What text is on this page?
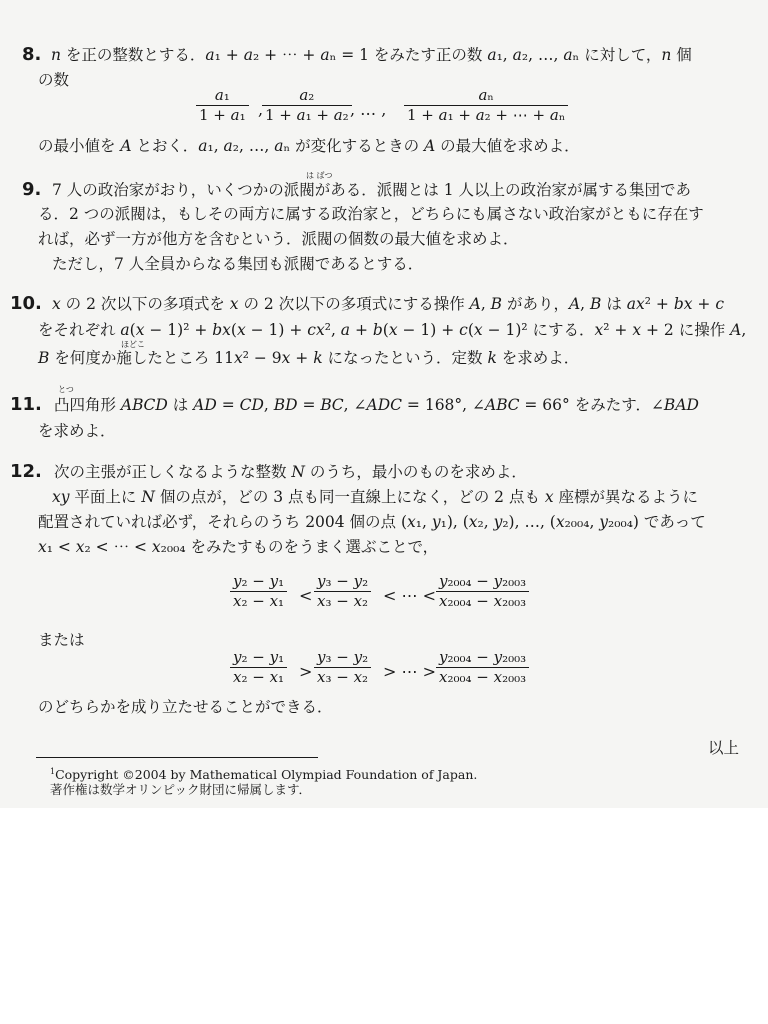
8. 𝑛 を正の整数とする．𝑎₁ + 𝑎₂ + ⋯ + 𝑎ₙ = 1 をみたす正の数 𝑎₁, 𝑎₂, …, 𝑎ₙ に対して，𝑛 個
の数
𝑎₁
1 + 𝑎₁ ,
𝑎₂
1 + 𝑎₁ + 𝑎₂ , … ,
𝑎ₙ
1 + 𝑎₁ + 𝑎₂ + ⋯ + 𝑎ₙ
の最小値を 𝐴 とおく．𝑎₁, 𝑎₂, …, 𝑎ₙ が変化するときの 𝐴 の最大値を求めよ．
は ばつ
9. 7 人の政治家がおり，いくつかの派閥がある．派閥とは 1 人以上の政治家が属する集団であ
る．2 つの派閥は，もしその両方に属する政治家と，どちらにも属さない政治家がともに存在す
れば，必ず一方が他方を含むという．派閥の個数の最大値を求めよ．
ただし，7 人全員からなる集団も派閥であるとする．
10. 𝑥 の 2 次以下の多項式を 𝑥 の 2 次以下の多項式にする操作 𝐴, 𝐵 があり，𝐴, 𝐵 は 𝑎𝑥² + 𝑏𝑥 + 𝑐
をそれぞれ 𝑎(𝑥 − 1)² + 𝑏𝑥(𝑥 − 1) + 𝑐𝑥², 𝑎 + 𝑏(𝑥 − 1) + 𝑐(𝑥 − 1)² にする．𝑥² + 𝑥 + 2 に操作 𝐴,
ほどこ
𝐵 を何度か施したところ 11𝑥² − 9𝑥 + 𝑘 になったという．定数 𝑘 を求めよ．
とつ
11. 凸四角形 𝐴𝐵𝐶𝐷 は 𝐴𝐷 = 𝐶𝐷, 𝐵𝐷 = 𝐵𝐶, ∠𝐴𝐷𝐶 = 168°, ∠𝐴𝐵𝐶 = 66° をみたす．∠𝐵𝐴𝐷
を求めよ．
12. 次の主張が正しくなるような整数 𝑁 のうち，最小のものを求めよ．
𝑥𝑦 平面上に 𝑁 個の点が，どの 3 点も同一直線上になく，どの 2 点も 𝑥 座標が異なるように
配置されていれば必ず，それらのうち 2004 個の点 (𝑥₁, 𝑦₁), (𝑥₂, 𝑦₂), …, (𝑥₂₀₀₄, 𝑦₂₀₀₄) であって
𝑥₁ < 𝑥₂ < ⋯ < 𝑥₂₀₀₄ をみたすものをうまく選ぶことで，
𝑦₂ − 𝑦₁
𝑥₂ − 𝑥₁ <
𝑦₃ − 𝑦₂
𝑥₃ − 𝑥₂ < ⋯ <
𝑦₂₀₀₄ − 𝑦₂₀₀₃
𝑥₂₀₀₄ − 𝑥₂₀₀₃
または
𝑦₂ − 𝑦₁
𝑥₂ − 𝑥₁ >
𝑦₃ − 𝑦₂
𝑥₃ − 𝑥₂ > ⋯ >
𝑦₂₀₀₄ − 𝑦₂₀₀₃
𝑥₂₀₀₄ − 𝑥₂₀₀₃
のどちらかを成り立たせることができる．
以上
$^1$Copyright ©2004 by Mathematical Olympiad Foundation of Japan.
著作権は数学オリンピック財団に帰属します．
